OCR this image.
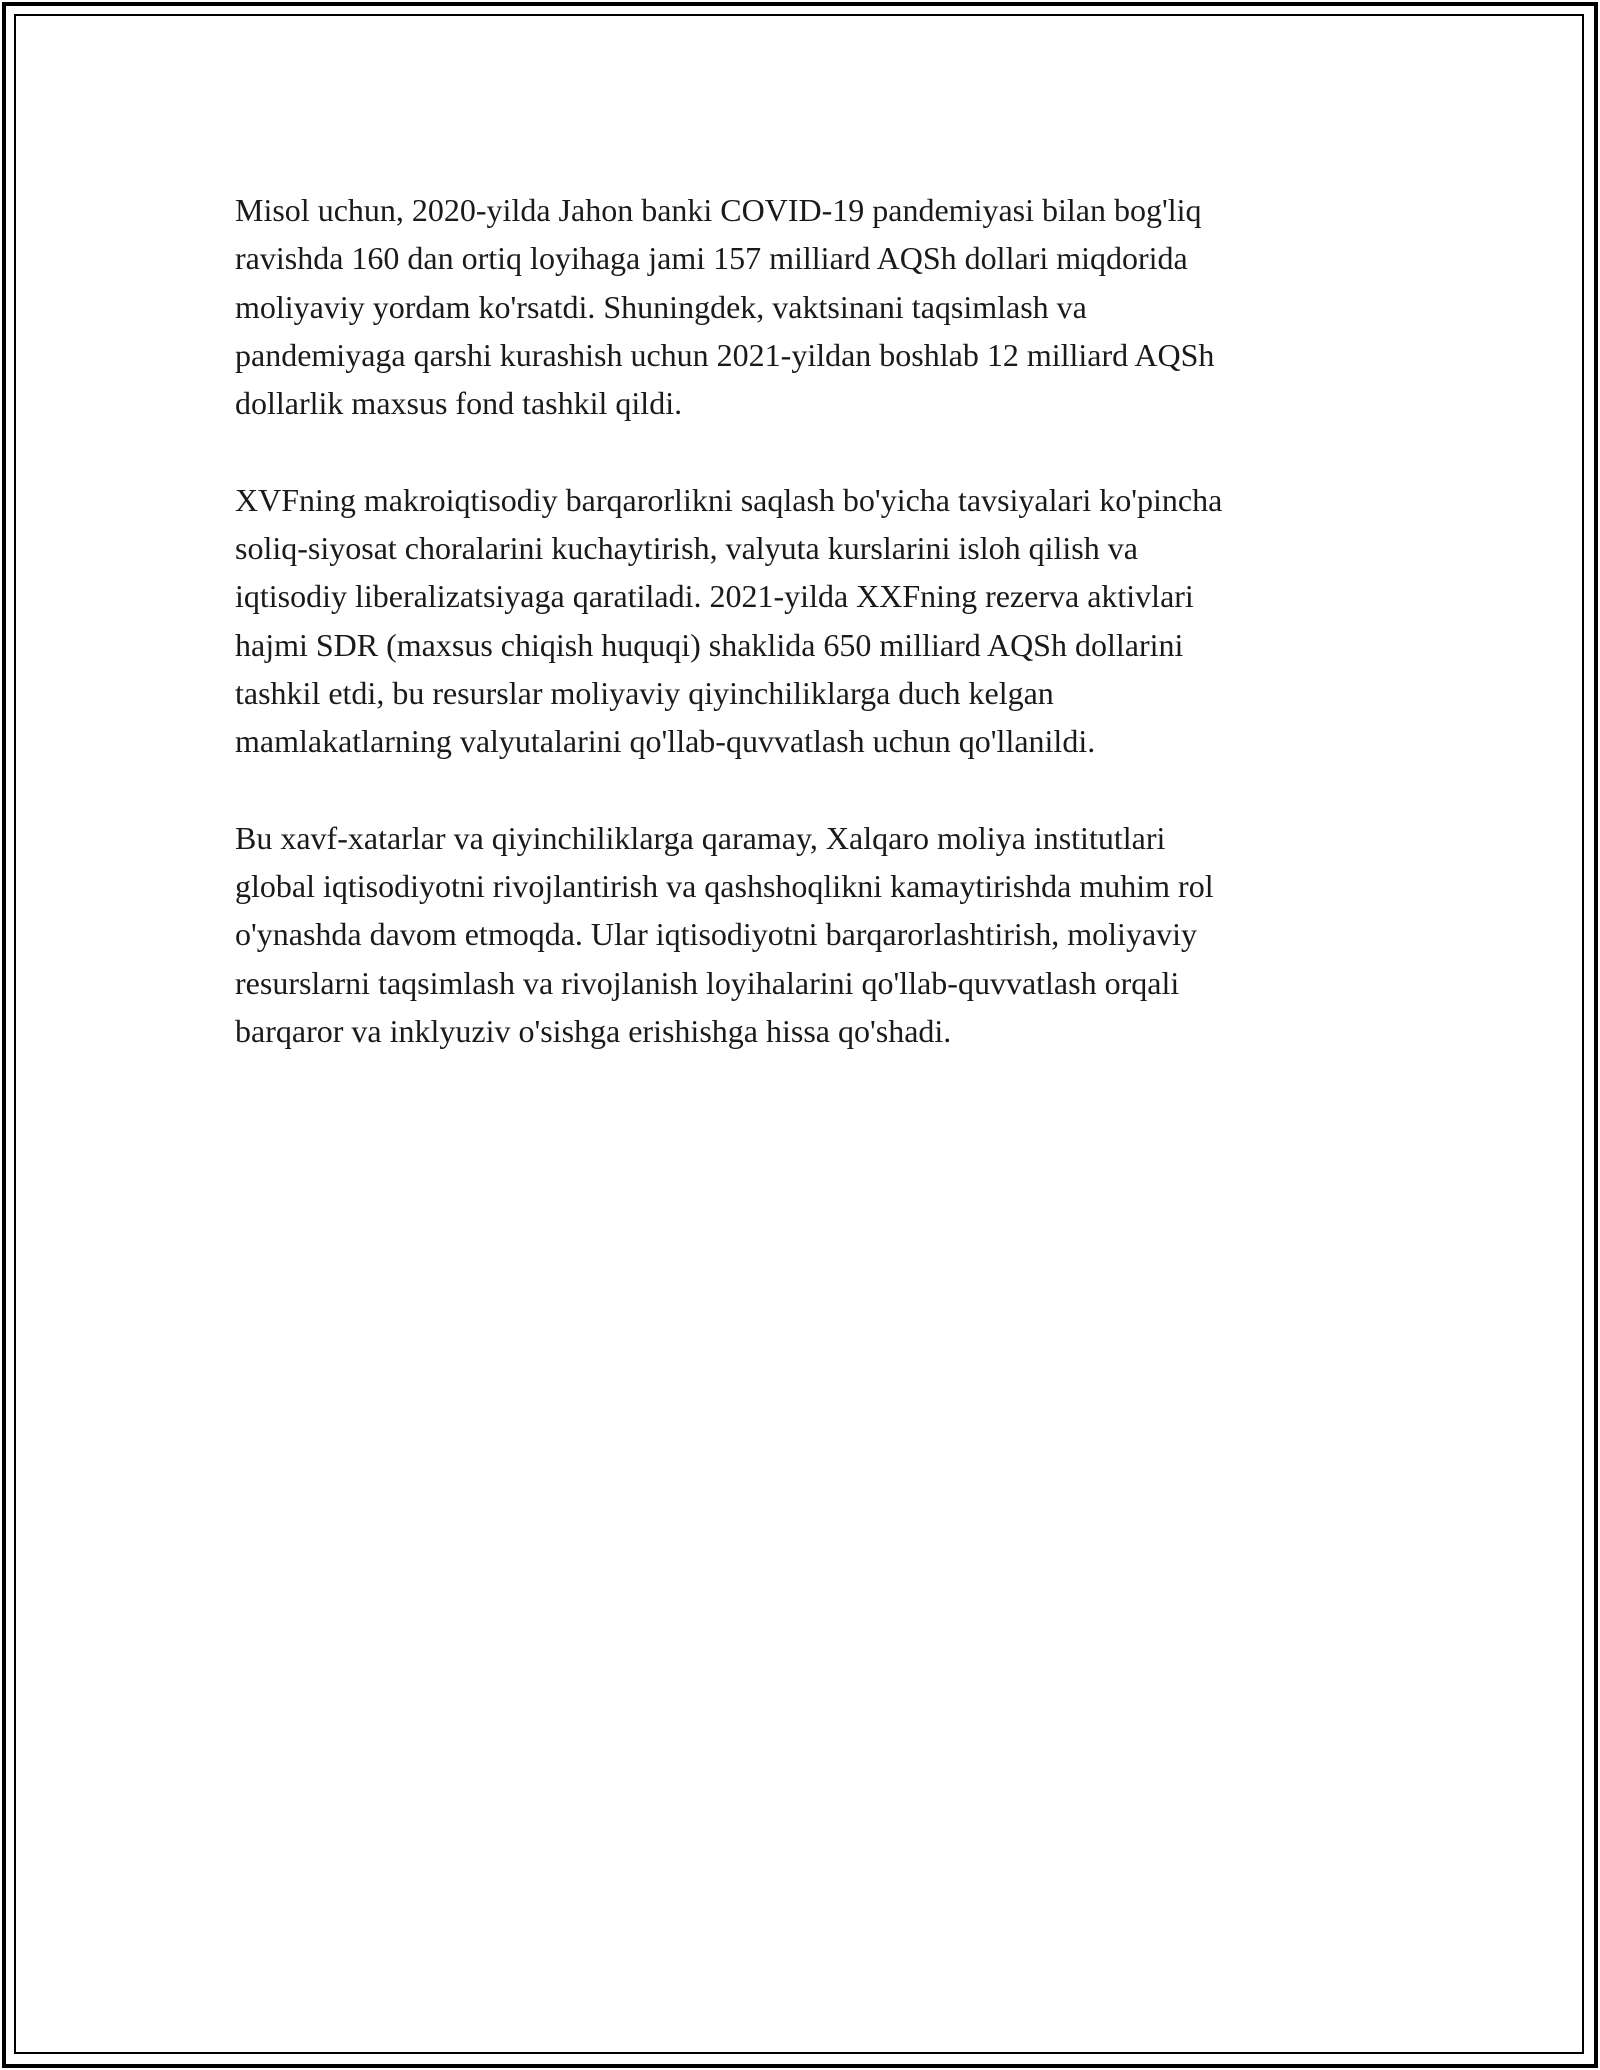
Misol uchun, 2020-yilda Jahon banki COVID-19 pandemiyasi bilan bog'liq
ravishda 160 dan ortiq loyihaga jami 157 milliard AQSh dollari miqdorida
moliyaviy yordam ko'rsatdi. Shuningdek, vaktsinani taqsimlash va
pandemiyaga qarshi kurashish uchun 2021-yildan boshlab 12 milliard AQSh
dollarlik maxsus fond tashkil qildi.

XVFning makroiqtisodiy barqarorlikni saqlash bo'yicha tavsiyalari ko'pincha
soliq-siyosat choralarini kuchaytirish, valyuta kurslarini isloh qilish va
iqtisodiy liberalizatsiyaga qaratiladi. 2021-yilda XXFning rezerva aktivlari
hajmi SDR (maxsus chiqish huquqi) shaklida 650 milliard AQSh dollarini
tashkil etdi, bu resurslar moliyaviy qiyinchiliklarga duch kelgan
mamlakatlarning valyutalarini qo'llab-quvvatlash uchun qo'llanildi.

Bu xavf-xatarlar va qiyinchiliklarga qaramay, Xalqaro moliya institutlari
global iqtisodiyotni rivojlantirish va qashshoqlikni kamaytirishda muhim rol
o'ynashda davom etmoqda. Ular iqtisodiyotni barqarorlashtirish, moliyaviy
resurslarni taqsimlash va rivojlanish loyihalarini qo'llab-quvvatlash orqali
barqaror va inklyuziv o'sishga erishishga hissa qo'shadi.
